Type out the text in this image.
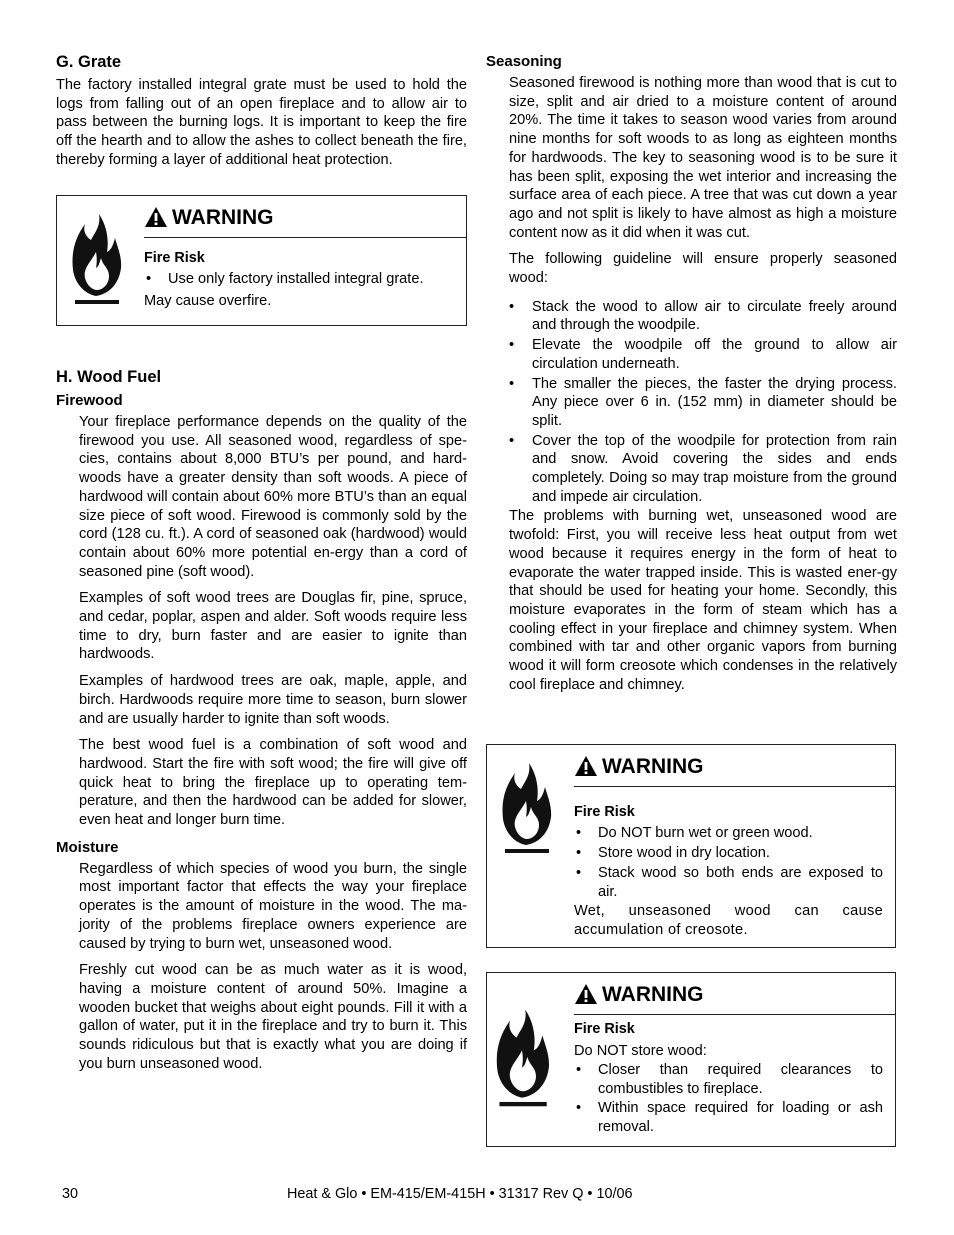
G. Grate

The factory installed integral grate must be used to hold the logs from falling out of an open fireplace and to allow air to pass between the burning logs. It is important to keep the fire off the hearth and to allow the ashes to collect beneath the fire, thereby forming a layer of additional heat protection.

WARNING
Fire Risk
• Use only factory installed integral grate.
May cause overfire.
H. Wood Fuel
Firewood

Your fireplace performance depends on the quality of the firewood you use. All seasoned wood, regardless of spe-cies, contains about 8,000 BTU’s per pound, and hard-woods have a greater density than soft woods. A piece of hardwood will contain about 60% more BTU’s than an equal size piece of soft wood. Firewood is commonly sold by the cord (128 cu. ft.). A cord of seasoned oak (hardwood) would contain about 60% more potential en-ergy than a cord of seasoned pine (soft wood).

Examples of soft wood trees are Douglas fir, pine, spruce, and cedar, poplar, aspen and alder. Soft woods require less time to dry, burn faster and are easier to ignite than hardwoods.

Examples of hardwood trees are oak, maple, apple, and birch. Hardwoods require more time to season, burn slower and are usually harder to ignite than soft woods.

The best wood fuel is a combination of soft wood and hardwood. Start the fire with soft wood; the fire will give off quick heat to bring the fireplace up to operating tem-perature, and then the hardwood can be added for slower, even heat and longer burn time.

Moisture

Regardless of which species of wood you burn, the single most important factor that effects the way your fireplace operates is the amount of moisture in the wood. The ma-jority of the problems fireplace owners experience are caused by trying to burn wet, unseasoned wood.

Freshly cut wood can be as much water as it is wood, having a moisture content of around 50%. Imagine a wooden bucket that weighs about eight pounds. Fill it with a gallon of water, put it in the fireplace and try to burn it. This sounds ridiculous but that is exactly what you are doing if you burn unseasoned wood.

Seasoning

Seasoned firewood is nothing more than wood that is cut to size, split and air dried to a moisture content of around 20%. The time it takes to season wood varies from around nine months for soft woods to as long as eighteen months for hardwoods. The key to seasoning wood is to be sure it has been split, exposing the wet interior and increasing the surface area of each piece. A tree that was cut down a year ago and not split is likely to have almost as high a moisture content now as it did when it was cut.

The following guideline will ensure properly seasoned wood:

• Stack the wood to allow air to circulate freely around and through the woodpile.
• Elevate the woodpile off the ground to allow air circulation underneath.
• The smaller the pieces, the faster the drying process. Any piece over 6 in. (152 mm) in diameter should be split.
• Cover the top of the woodpile for protection from rain and snow. Avoid covering the sides and ends completely. Doing so may trap moisture from the ground and impede air circulation.

The problems with burning wet, unseasoned wood are twofold: First, you will receive less heat output from wet wood because it requires energy in the form of heat to evaporate the water trapped inside. This is wasted ener-gy that should be used for heating your home. Secondly, this moisture evaporates in the form of steam which has a cooling effect in your fireplace and chimney system. When combined with tar and other organic vapors from burning wood it will form creosote which condenses in the relatively cool fireplace and chimney.

WARNING
Fire Risk
• Do NOT burn wet or green wood.
• Store wood in dry location.
• Stack wood so both ends are exposed to air.
Wet, unseasoned wood can cause accumulation of creosote.
WARNING
Fire Risk
Do NOT store wood:
• Closer than required clearances to combustibles to fireplace.
• Within space required for loading or ash removal.
30	Heat & Glo • EM-415/EM-415H • 31317 Rev Q • 10/06
